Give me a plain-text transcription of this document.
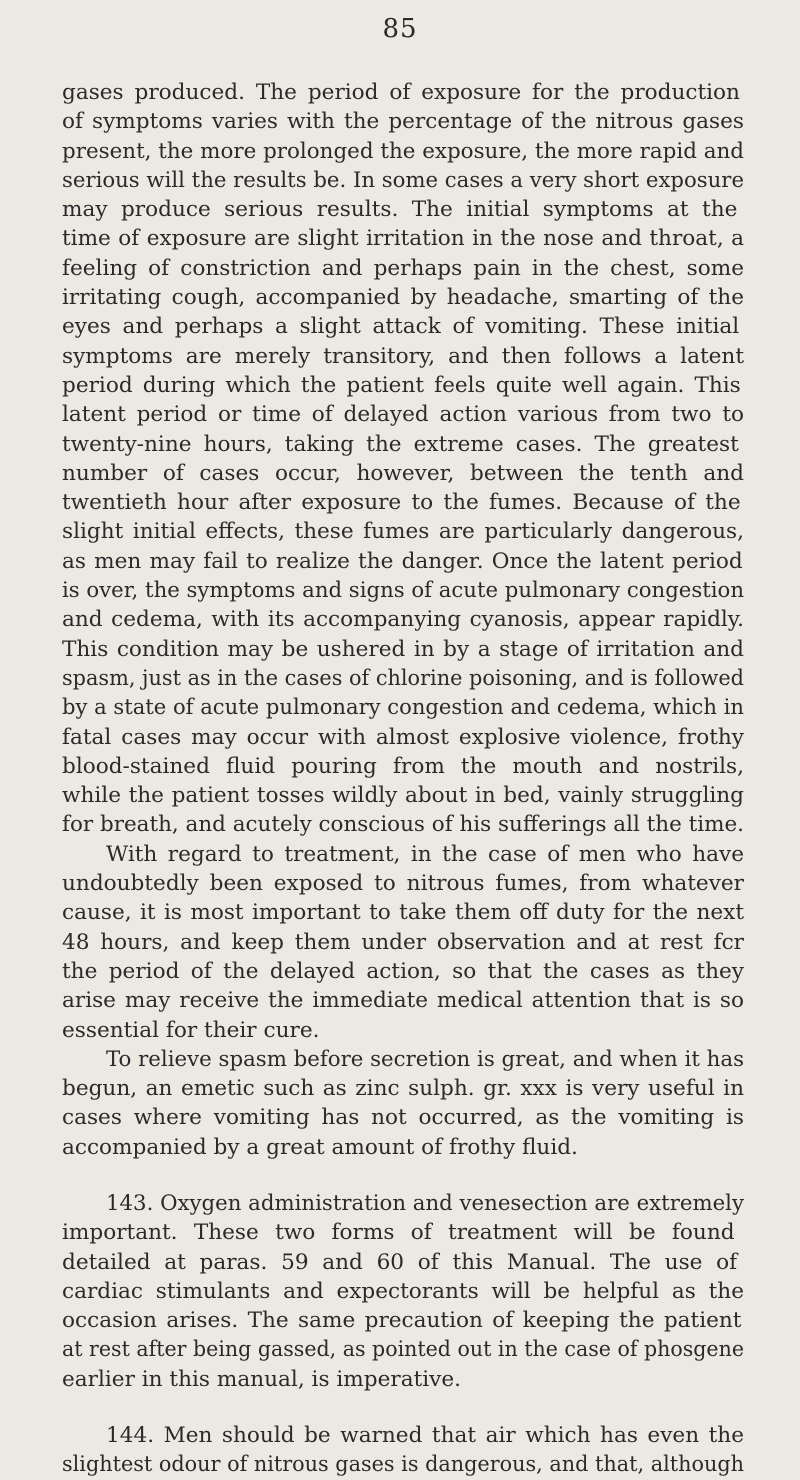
85
gases produced. The period of exposure for the production
of symptoms varies with the percentage of the nitrous gases
present, the more prolonged the exposure, the more rapid and
serious will the results be. In some cases a very short exposure
may produce serious results. The initial symptoms at the
time of exposure are slight irritation in the nose and throat, a
feeling of constriction and perhaps pain in the chest, some
irritating cough, accompanied by headache, smarting of the
eyes and perhaps a slight attack of vomiting. These initial
symptoms are merely transitory, and then follows a latent
period during which the patient feels quite well again. This
latent period or time of delayed action various from two to
twenty-nine hours, taking the extreme cases. The greatest
number of cases occur, however, between the tenth and
twentieth hour after exposure to the fumes. Because of the
slight initial effects, these fumes are particularly dangerous,
as men may fail to realize the danger. Once the latent period
is over, the symptoms and signs of acute pulmonary congestion
and cedema, with its accompanying cyanosis, appear rapidly.
This condition may be ushered in by a stage of irritation and
spasm, just as in the cases of chlorine poisoning, and is followed
by a state of acute pulmonary congestion and cedema, which in
fatal cases may occur with almost explosive violence, frothy
blood-stained fluid pouring from the mouth and nostrils,
while the patient tosses wildly about in bed, vainly struggling
for breath, and acutely conscious of his sufferings all the time.
With regard to treatment, in the case of men who have
undoubtedly been exposed to nitrous fumes, from whatever
cause, it is most important to take them off duty for the next
48 hours, and keep them under observation and at rest fcr
the period of the delayed action, so that the cases as they
arise may receive the immediate medical attention that is so
essential for their cure.
To relieve spasm before secretion is great, and when it has
begun, an emetic such as zinc sulph. gr. xxx is very useful in
cases where vomiting has not occurred, as the vomiting is
accompanied by a great amount of frothy fluid.
143. Oxygen administration and venesection are extremely
important. These two forms of treatment will be found
detailed at paras. 59 and 60 of this Manual. The use of
cardiac stimulants and expectorants will be helpful as the
occasion arises. The same precaution of keeping the patient
at rest after being gassed, as pointed out in the case of phosgene
earlier in this manual, is imperative.
144. Men should be warned that air which has even the
slightest odour of nitrous gases is dangerous, and that, although
